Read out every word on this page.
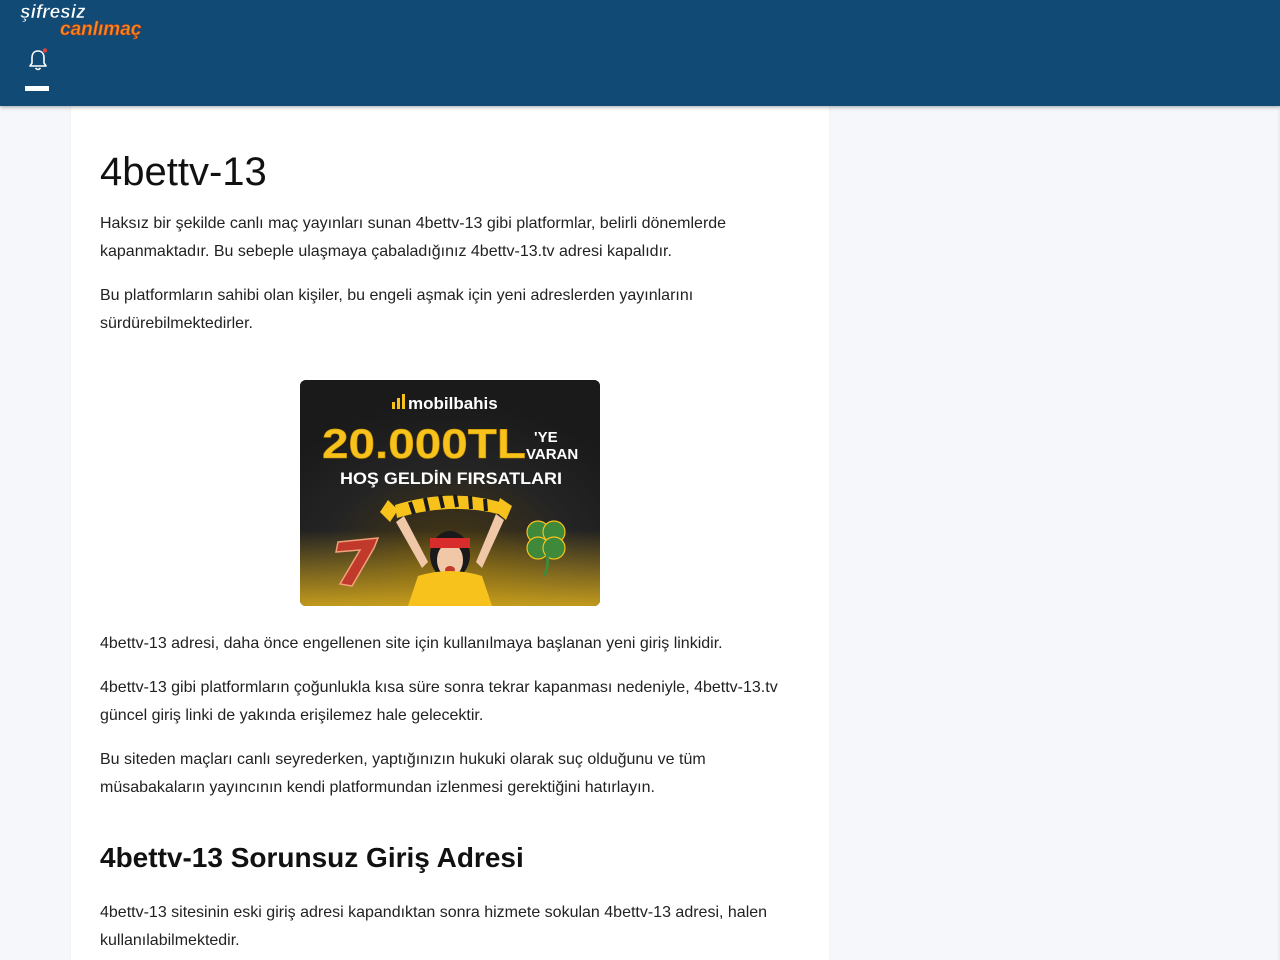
şifresiz
canlımaç
4bettv-13

Haksız bir şekilde canlı maç yayınları sunan 4bettv-13 gibi platformlar, belirli dönemlerde kapanmaktadır. Bu sebeple ulaşmaya çabaladığınız 4bettv-13.tv adresi kapalıdır.

Bu platformların sahibi olan kişiler, bu engeli aşmak için yeni adreslerden yayınlarını sürdürebilmektedirler.

mobilbahis
20.000TL 'YE
VARAN
HOŞ GELDİN FIRSATLARI

4bettv-13 adresi, daha önce engellenen site için kullanılmaya başlanan yeni giriş linkidir.

4bettv-13 gibi platformların çoğunlukla kısa süre sonra tekrar kapanması nedeniyle, 4bettv-13.tv güncel giriş linki de yakında erişilemez hale gelecektir.

Bu siteden maçları canlı seyrederken, yaptığınızın hukuki olarak suç olduğunu ve tüm müsabakaların yayıncının kendi platformundan izlenmesi gerektiğini hatırlayın.

4bettv-13 Sorunsuz Giriş Adresi

4bettv-13 sitesinin eski giriş adresi kapandıktan sonra hizmete sokulan 4bettv-13 adresi, halen kullanılabilmektedir.
